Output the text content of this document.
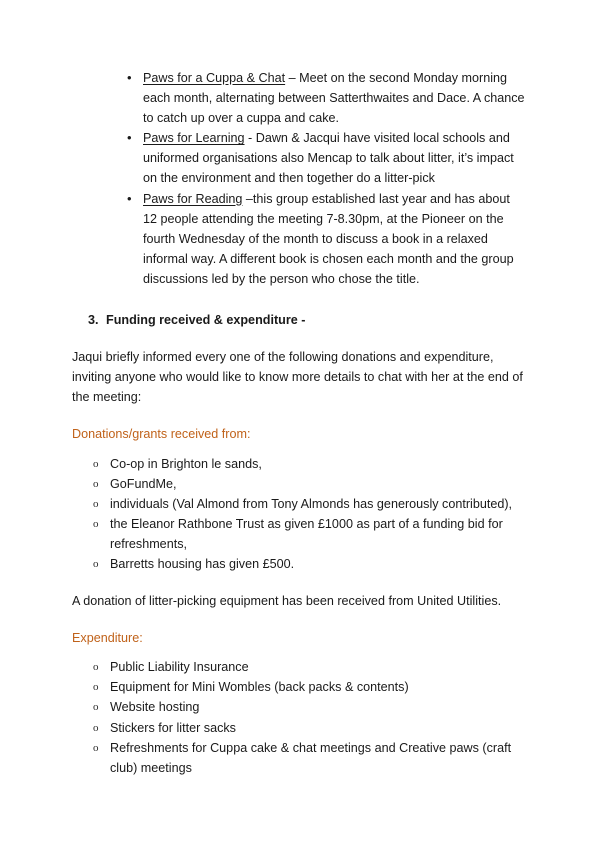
• Paws for a Cuppa & Chat – Meet on the second Monday morning each month, alternating between Satterthwaites and Dace. A chance to catch up over a cuppa and cake.
• Paws for Learning - Dawn & Jacqui have visited local schools and uniformed organisations also Mencap to talk about litter, it’s impact on the environment and then together do a litter-pick
• Paws for Reading –this group established last year and has about 12 people attending the meeting 7-8.30pm, at the Pioneer on the fourth Wednesday of the month to discuss a book in a relaxed informal way. A different book is chosen each month and the group discussions led by the person who chose the title.
3. Funding received & expenditure -

Jaqui briefly informed every one of the following donations and expenditure, inviting anyone who would like to know more details to chat with her at the end of the meeting:

Donations/grants received from:

o Co-op in Brighton le sands,
o GoFundMe,
o individuals (Val Almond from Tony Almonds has generously contributed),
o the Eleanor Rathbone Trust as given £1000 as part of a funding bid for refreshments,
o Barretts housing has given £500.

A donation of litter-picking equipment has been received from United Utilities.

Expenditure:

o Public Liability Insurance
o Equipment for Mini Wombles (back packs & contents)
o Website hosting
o Stickers for litter sacks
o Refreshments for Cuppa cake & chat meetings and Creative paws (craft club) meetings
